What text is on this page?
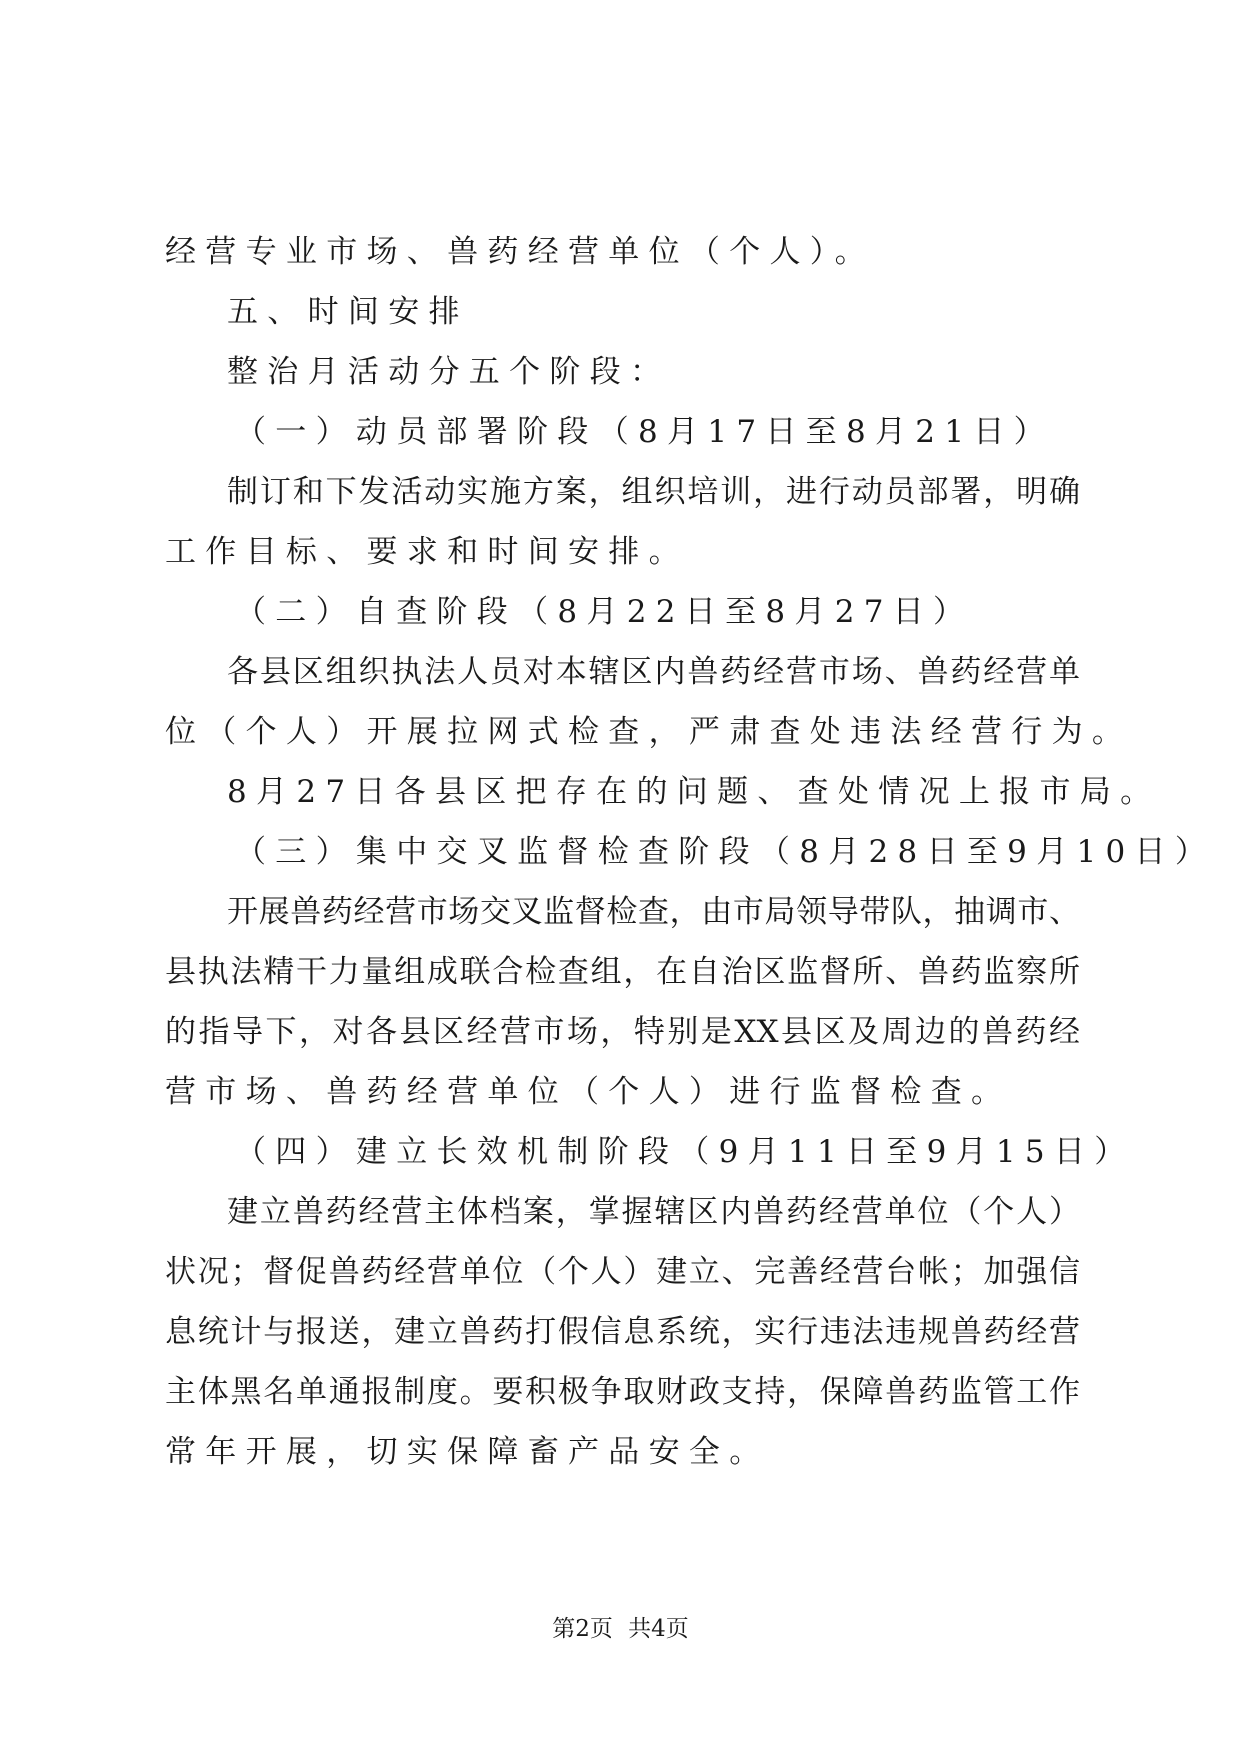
经营专业市场、兽药经营单位（个人）。
五、时间安排
整治月活动分五个阶段：
（一）动员部署阶段（8月17日至8月21日）
制订和下发活动实施方案，组织培训，进行动员部署，明确
工作目标、要求和时间安排。
（二）自查阶段（8月22日至8月27日）
各县区组织执法人员对本辖区内兽药经营市场、兽药经营单
位（个人）开展拉网式检查，严肃查处违法经营行为。
8月27日各县区把存在的问题、查处情况上报市局。
（三）集中交叉监督检查阶段（8月28日至9月10日）
开展兽药经营市场交叉监督检查，由市局领导带队，抽调市、
县执法精干力量组成联合检查组，在自治区监督所、兽药监察所
的指导下，对各县区经营市场，特别是XX县区及周边的兽药经
营市场、兽药经营单位（个人）进行监督检查。
（四）建立长效机制阶段（9月11日至9月15日）
建立兽药经营主体档案，掌握辖区内兽药经营单位（个人）
状况；督促兽药经营单位（个人）建立、完善经营台帐；加强信
息统计与报送，建立兽药打假信息系统，实行违法违规兽药经营
主体黑名单通报制度。要积极争取财政支持，保障兽药监管工作
常年开展，切实保障畜产品安全。
第2页 共4页
